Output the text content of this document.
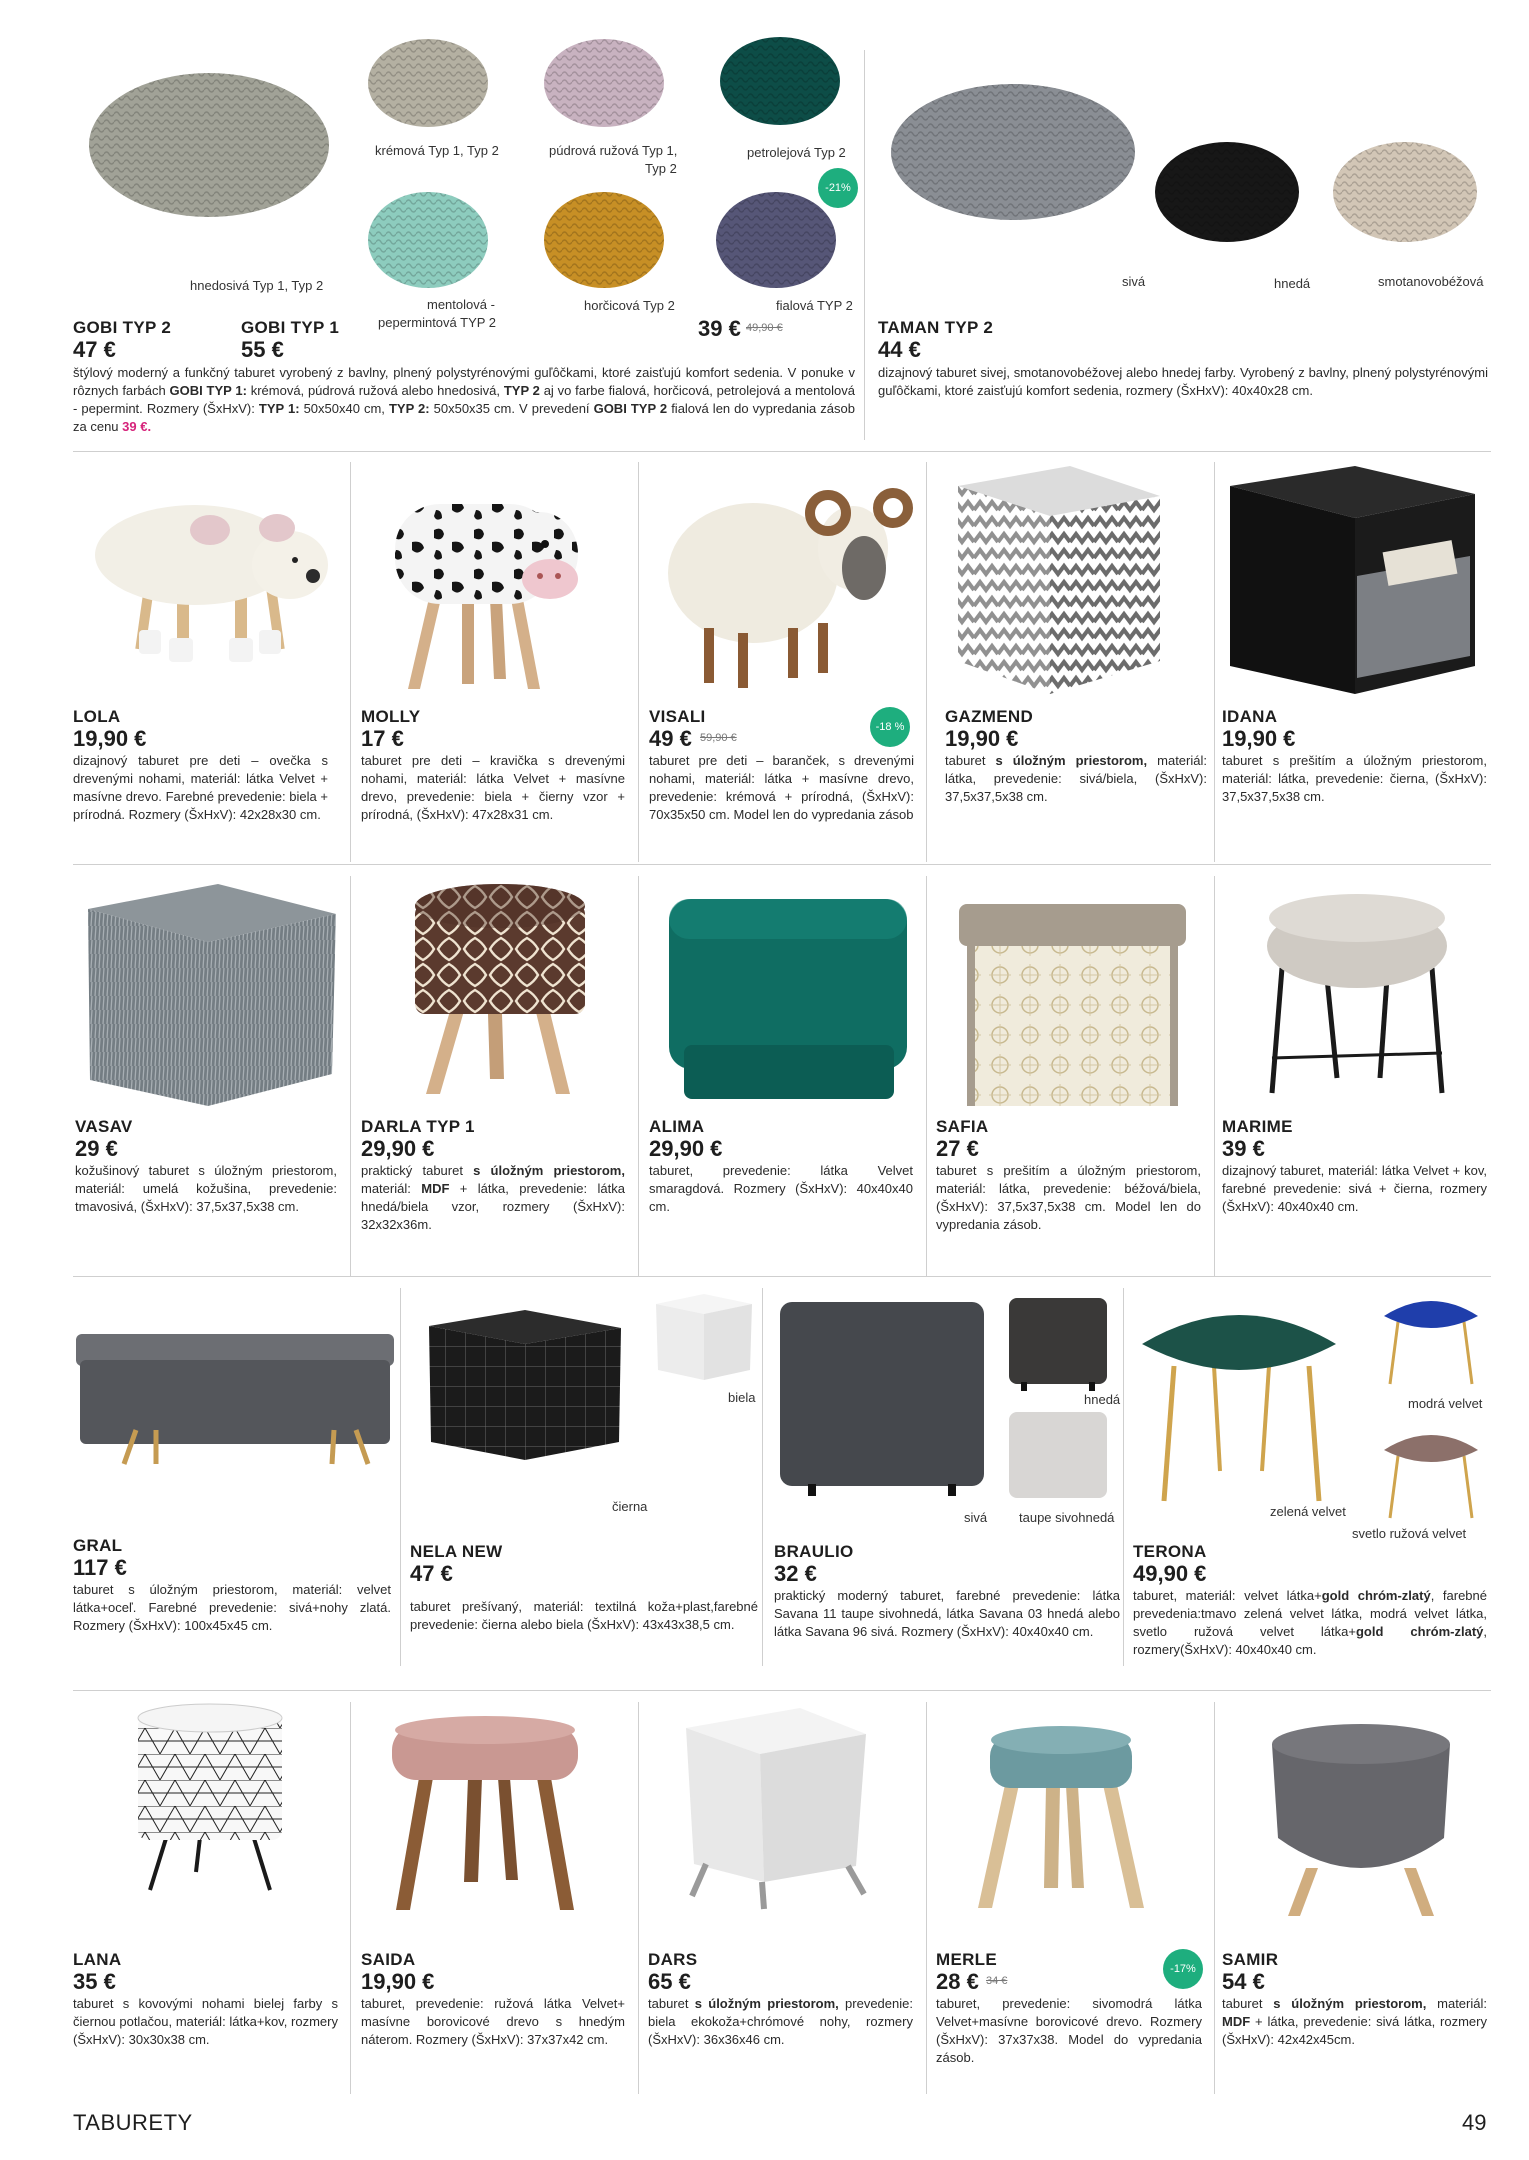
hnedosivá Typ 1, Typ 2
krémová Typ 1, Typ 2	púdrová ružová Typ 1,
Typ 2
petrolejová Typ 2
mentolová -
pepermintová TYP 2
horčicová Typ 2	fialová TYP 2
-21%
GOBI TYP 2
47 €
GOBI TYP 1
55 €
39 € 49,90 €
štýlový moderný a funkčný taburet vyrobený z bavlny, plnený polystyrénovými guľôčkami, ktoré zaisťujú komfort sedenia. V ponuke v rôznych farbách GOBI TYP 1: krémová, púdrová ružová alebo hnedosivá, TYP 2 aj vo farbe fialová, horčicová, petrolejová a mentolová - pepermint. Rozmery (ŠxHxV): TYP 1: 50x50x40 cm, TYP 2: 50x50x35 cm. V prevedení GOBI TYP 2 fialová len do vypredania zásob za cenu 39 €.
sivá	hnedá	smotanovobéžová
TAMAN TYP 2
44 €
dizajnový taburet sivej, smotanovobéžovej alebo hnedej farby. Vyrobený z bavlny, plnený polystyrénovými guľôčkami, ktoré zaisťujú komfort sedenia, rozmery (ŠxHxV): 40x40x28 cm.
-18 %
LOLA
19,90 €
dizajnový taburet pre deti – ovečka s drevenými nohami, materiál: látka Velvet + masívne drevo. Farebné prevedenie: biela + prírodná. Rozmery (ŠxHxV): 42x28x30 cm.
MOLLY
17 €
taburet pre deti – kravička s drevenými nohami, materiál: látka Velvet + masívne drevo, prevedenie: biela + čierny vzor + prírodná, (ŠxHxV): 47x28x31 cm.
VISALI
49 € 59,90 €
taburet pre deti – baranček, s drevenými nohami, materiál: látka + masívne drevo, prevedenie: krémová + prírodná, (ŠxHxV): 70x35x50 cm. Model len do vypredania zásob
GAZMEND
19,90 €
taburet s úložným priestorom, materiál: látka, prevedenie: sivá/biela, (ŠxHxV): 37,5x37,5x38 cm.
IDANA
19,90 €
taburet s prešitím a úložným priestorom, materiál: látka, prevedenie: čierna, (ŠxHxV): 37,5x37,5x38 cm.
VASAV
29 €
kožušinový taburet s úložným priestorom, materiál: umelá kožušina, prevedenie: tmavosivá, (ŠxHxV): 37,5x37,5x38 cm.
DARLA TYP 1
29,90 €
praktický taburet s úložným priestorom, materiál: MDF + látka, prevedenie: látka hnedá/biela vzor, rozmery (ŠxHxV): 32x32x36m.
ALIMA
29,90 €
taburet, prevedenie: látka Velvet smaragdová. Rozmery (ŠxHxV): 40x40x40 cm.
SAFIA
27 €
taburet s prešitím a úložným priestorom, materiál: látka, prevedenie: béžová/biela, (ŠxHxV): 37,5x37,5x38 cm. Model len do vypredania zásob.
MARIME
39 €
dizajnový taburet, materiál: látka Velvet + kov, farebné prevedenie: sivá + čierna, rozmery (ŠxHxV): 40x40x40 cm.
biela
čierna
hnedá
sivá taupe sivohnedá
modrá velvet
zelená velvet
svetlo ružová velvet
GRAL
117 €
taburet s úložným priestorom, materiál: velvet látka+oceľ. Farebné prevedenie: sivá+nohy zlatá. Rozmery (ŠxHxV): 100x45x45 cm.
NELA NEW
47 €
taburet prešívaný, materiál: textilná koža+plast,farebné prevedenie: čierna alebo biela (ŠxHxV): 43x43x38,5 cm.
BRAULIO
32 €
praktický moderný taburet, farebné prevedenie: látka Savana 11 taupe sivohnedá, látka Savana 03 hnedá alebo látka Savana 96 sivá. Rozmery (ŠxHxV): 40x40x40 cm.
TERONA
49,90 €
taburet, materiál: velvet látka+gold chróm-zlatý, farebné prevedenia:tmavo zelená velvet látka, modrá velvet látka, svetlo ružová velvet látka+gold chróm-zlatý, rozmery(ŠxHxV): 40x40x40 cm.
-17%
LANA
35 €
taburet s kovovými nohami bielej farby s čiernou potlačou, materiál: látka+kov, rozmery (ŠxHxV): 30x30x38 cm.
SAIDA
19,90 €
taburet, prevedenie: ružová látka Velvet+ masívne borovicové drevo s hnedým náterom. Rozmery (ŠxHxV): 37x37x42 cm.
DARS
65 €
taburet s úložným priestorom, prevedenie: biela ekokoža+chrómové nohy, rozmery (ŠxHxV): 36x36x46 cm.
MERLE
28 € 34 €
taburet, prevedenie: sivomodrá látka Velvet+masívne borovicové drevo. Rozmery (ŠxHxV): 37x37x38. Model do vypredania zásob.
SAMIR
54 €
taburet s úložným priestorom, materiál: MDF + látka, prevedenie: sivá látka, rozmery (ŠxHxV): 42x42x45cm.
TABURETY	49
